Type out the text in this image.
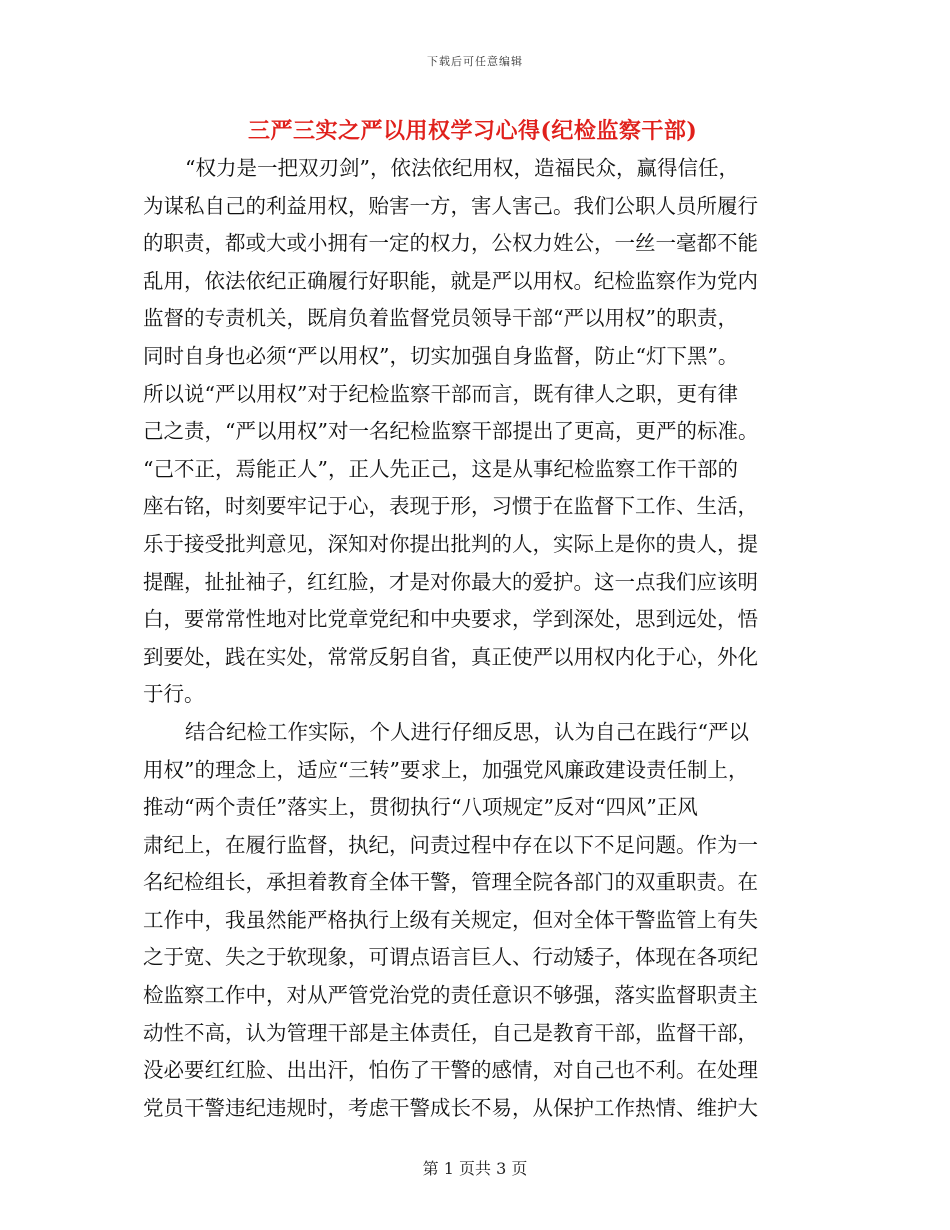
下载后可任意编辑
三严三实之严以用权学习心得(纪检监察干部)
“权力是一把双刃剑”，依法依纪用权，造福民众，赢得信任，
为谋私自己的利益用权，贻害一方，害人害己。我们公职人员所履行
的职责，都或大或小拥有一定的权力，公权力姓公，一丝一毫都不能
乱用，依法依纪正确履行好职能，就是严以用权。纪检监察作为党内
监督的专责机关，既肩负着监督党员领导干部“严以用权”的职责，
同时自身也必须“严以用权”，切实加强自身监督，防止“灯下黑”。
所以说“严以用权”对于纪检监察干部而言，既有律人之职，更有律
己之责，“严以用权”对一名纪检监察干部提出了更高，更严的标准。
“己不正，焉能正人”，正人先正己，这是从事纪检监察工作干部的
座右铭，时刻要牢记于心，表现于形，习惯于在监督下工作、生活，
乐于接受批判意见，深知对你提出批判的人，实际上是你的贵人，提
提醒，扯扯袖子，红红脸，才是对你最大的爱护。这一点我们应该明
白，要常常性地对比党章党纪和中央要求，学到深处，思到远处，悟
到要处，践在实处，常常反躬自省，真正使严以用权内化于心，外化
于行。
结合纪检工作实际，个人进行仔细反思，认为自己在践行“严以
用权”的理念上，适应“三转”要求上，加强党风廉政建设责任制上，
推动“两个责任”落实上，贯彻执行“八项规定”反对“四风”正风
肃纪上，在履行监督，执纪，问责过程中存在以下不足问题。作为一
名纪检组长，承担着教育全体干警，管理全院各部门的双重职责。在
工作中，我虽然能严格执行上级有关规定，但对全体干警监管上有失
之于宽、失之于软现象，可谓点语言巨人、行动矮子，体现在各项纪
检监察工作中，对从严管党治党的责任意识不够强，落实监督职责主
动性不高，认为管理干部是主体责任，自己是教育干部，监督干部，
没必要红红脸、出出汗，怕伤了干警的感情，对自己也不利。在处理
党员干警违纪违规时，考虑干警成长不易，从保护工作热情、维护大
第 1 页共 3 页
